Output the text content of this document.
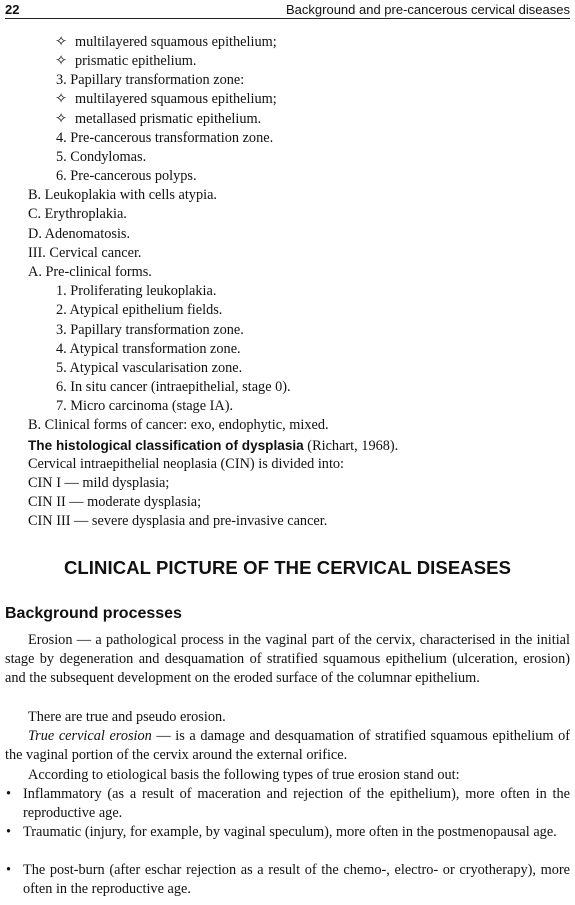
22	Background and pre-cancerous cervical diseases
✧ multilayered squamous epithelium;
✧ prismatic epithelium.
3. Papillary transformation zone:
✧ multilayered squamous epithelium;
✧ metallased prismatic epithelium.
4. Pre-cancerous transformation zone.
5. Condylomas.
6. Pre-cancerous polyps.
B. Leukoplakia with cells atypia.
C. Erythroplakia.
D. Adenomatosis.
III. Cervical cancer.
A. Pre-clinical forms.
1. Proliferating leukoplakia.
2. Atypical epithelium fields.
3. Papillary transformation zone.
4. Atypical transformation zone.
5. Atypical vascularisation zone.
6. In situ cancer (intraepithelial, stage 0).
7. Micro carcinoma (stage IA).
B. Clinical forms of cancer: exo, endophytic, mixed.
The histological classification of dysplasia (Richart, 1968).
Cervical intraepithelial neoplasia (CIN) is divided into:
CIN I — mild dysplasia;
CIN II — moderate dysplasia;
CIN III — severe dysplasia and pre-invasive cancer.
CLINICAL PICTURE OF THE CERVICAL DISEASES
Background processes
Erosion — a pathological process in the vaginal part of the cervix, characterised in the initial stage by degeneration and desquamation of stratified squamous epithelium (ulceration, erosion) and the subsequent development on the eroded surface of the columnar epithelium.
There are true and pseudo erosion.
True cervical erosion — is a damage and desquamation of stratified squamous epithelium of the vaginal portion of the cervix around the external orifice.
According to etiological basis the following types of true erosion stand out:
• Inflammatory (as a result of maceration and rejection of the epithelium), more often in the reproductive age.
• Traumatic (injury, for example, by vaginal speculum), more often in the postmenopausal age.
• The post-burn (after eschar rejection as a result of the chemo-, electro- or cryotherapy), more often in the reproductive age.
